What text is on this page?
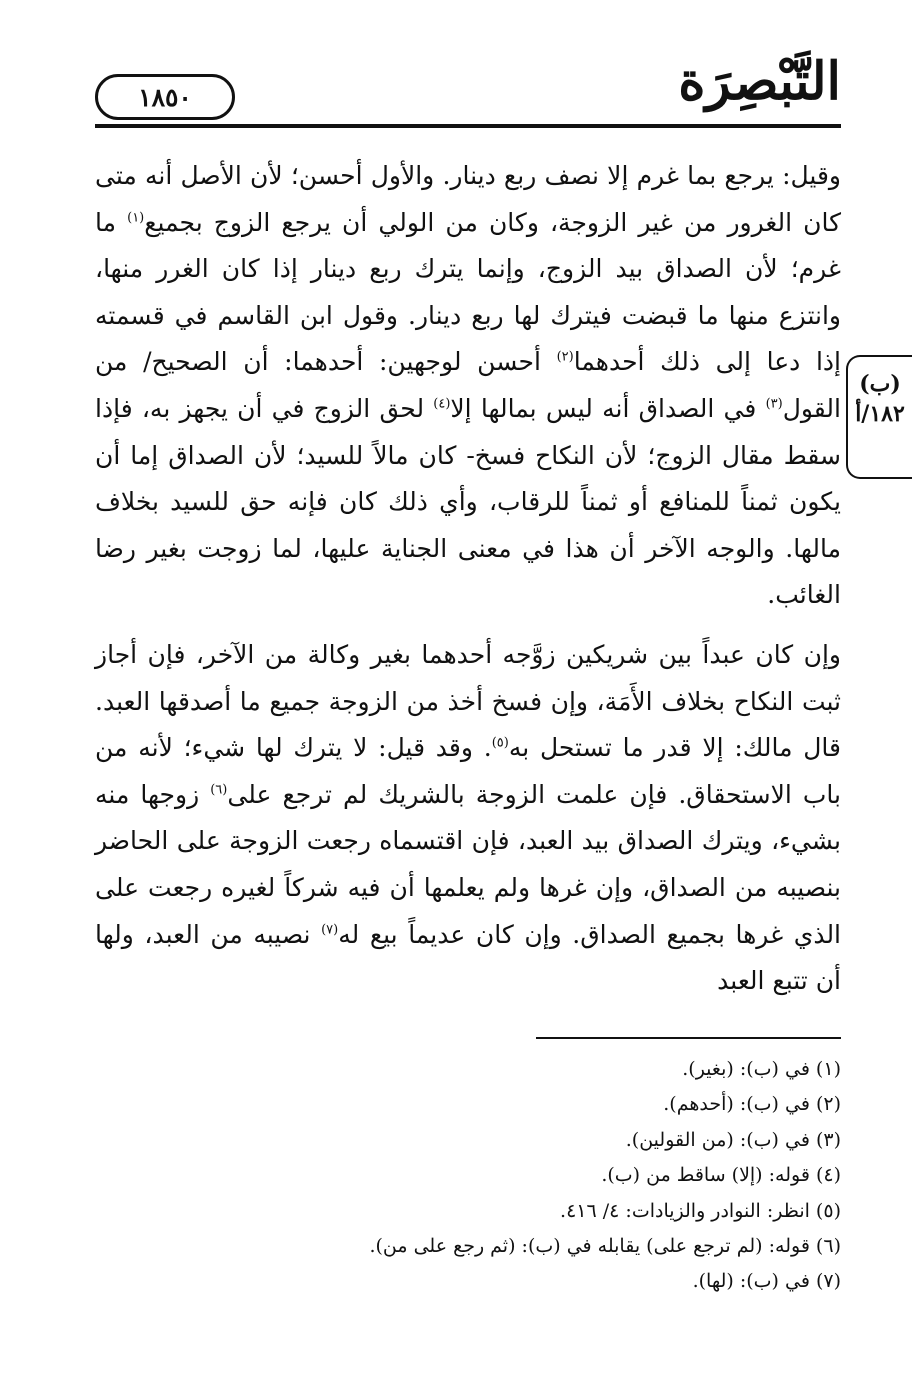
١٨٥٠	التَّبْصِرَة
(ب)
١٨٢/أ

وقيل: يرجع بما غرم إلا نصف ربع دينار. والأول أحسن؛ لأن الأصل أنه متى كان الغرور من غير الزوجة، وكان من الولي أن يرجع الزوج بجميع$^{(١)}$ ما غرم؛ لأن الصداق بيد الزوج، وإنما يترك ربع دينار إذا كان الغرر منها، وانتزع منها ما قبضت فيترك لها ربع دينار. وقول ابن القاسم في قسمته إذا دعا إلى ذلك أحدهما$^{(٢)}$ أحسن لوجهين: أحدهما: أن الصحيح/ من القول$^{(٣)}$ في الصداق أنه ليس بمالها إلا$^{(٤)}$ لحق الزوج في أن يجهز به، فإذا سقط مقال الزوج؛ لأن النكاح فسخ- كان مالاً للسيد؛ لأن الصداق إما أن يكون ثمناً للمنافع أو ثمناً للرقاب، وأي ذلك كان فإنه حق للسيد بخلاف مالها. والوجه الآخر أن هذا في معنى الجناية عليها، لما زوجت بغير رضا الغائب.

وإن كان عبداً بين شريكين زوَّجه أحدهما بغير وكالة من الآخر، فإن أجاز ثبت النكاح بخلاف الأَمَة، وإن فسخ أخذ من الزوجة جميع ما أصدقها العبد. قال مالك: إلا قدر ما تستحل به$^{(٥)}$. وقد قيل: لا يترك لها شيء؛ لأنه من باب الاستحقاق. فإن علمت الزوجة بالشريك لم ترجع على$^{(٦)}$ زوجها منه بشيء، ويترك الصداق بيد العبد، فإن اقتسماه رجعت الزوجة على الحاضر بنصيبه من الصداق، وإن غرها ولم يعلمها أن فيه شركاً لغيره رجعت على الذي غرها بجميع الصداق. وإن كان عديماً بيع له$^{(٧)}$ نصيبه من العبد، ولها أن تتبع العبد

(١) في (ب): (بغير).

(٢) في (ب): (أحدهم).

(٣) في (ب): (من القولين).

(٤) قوله: (إلا) ساقط من (ب).

(٥) انظر: النوادر والزيادات: ٤/ ٤١٦.

(٦) قوله: (لم ترجع على) يقابله في (ب): (ثم رجع على من).

(٧) في (ب): (لها).
